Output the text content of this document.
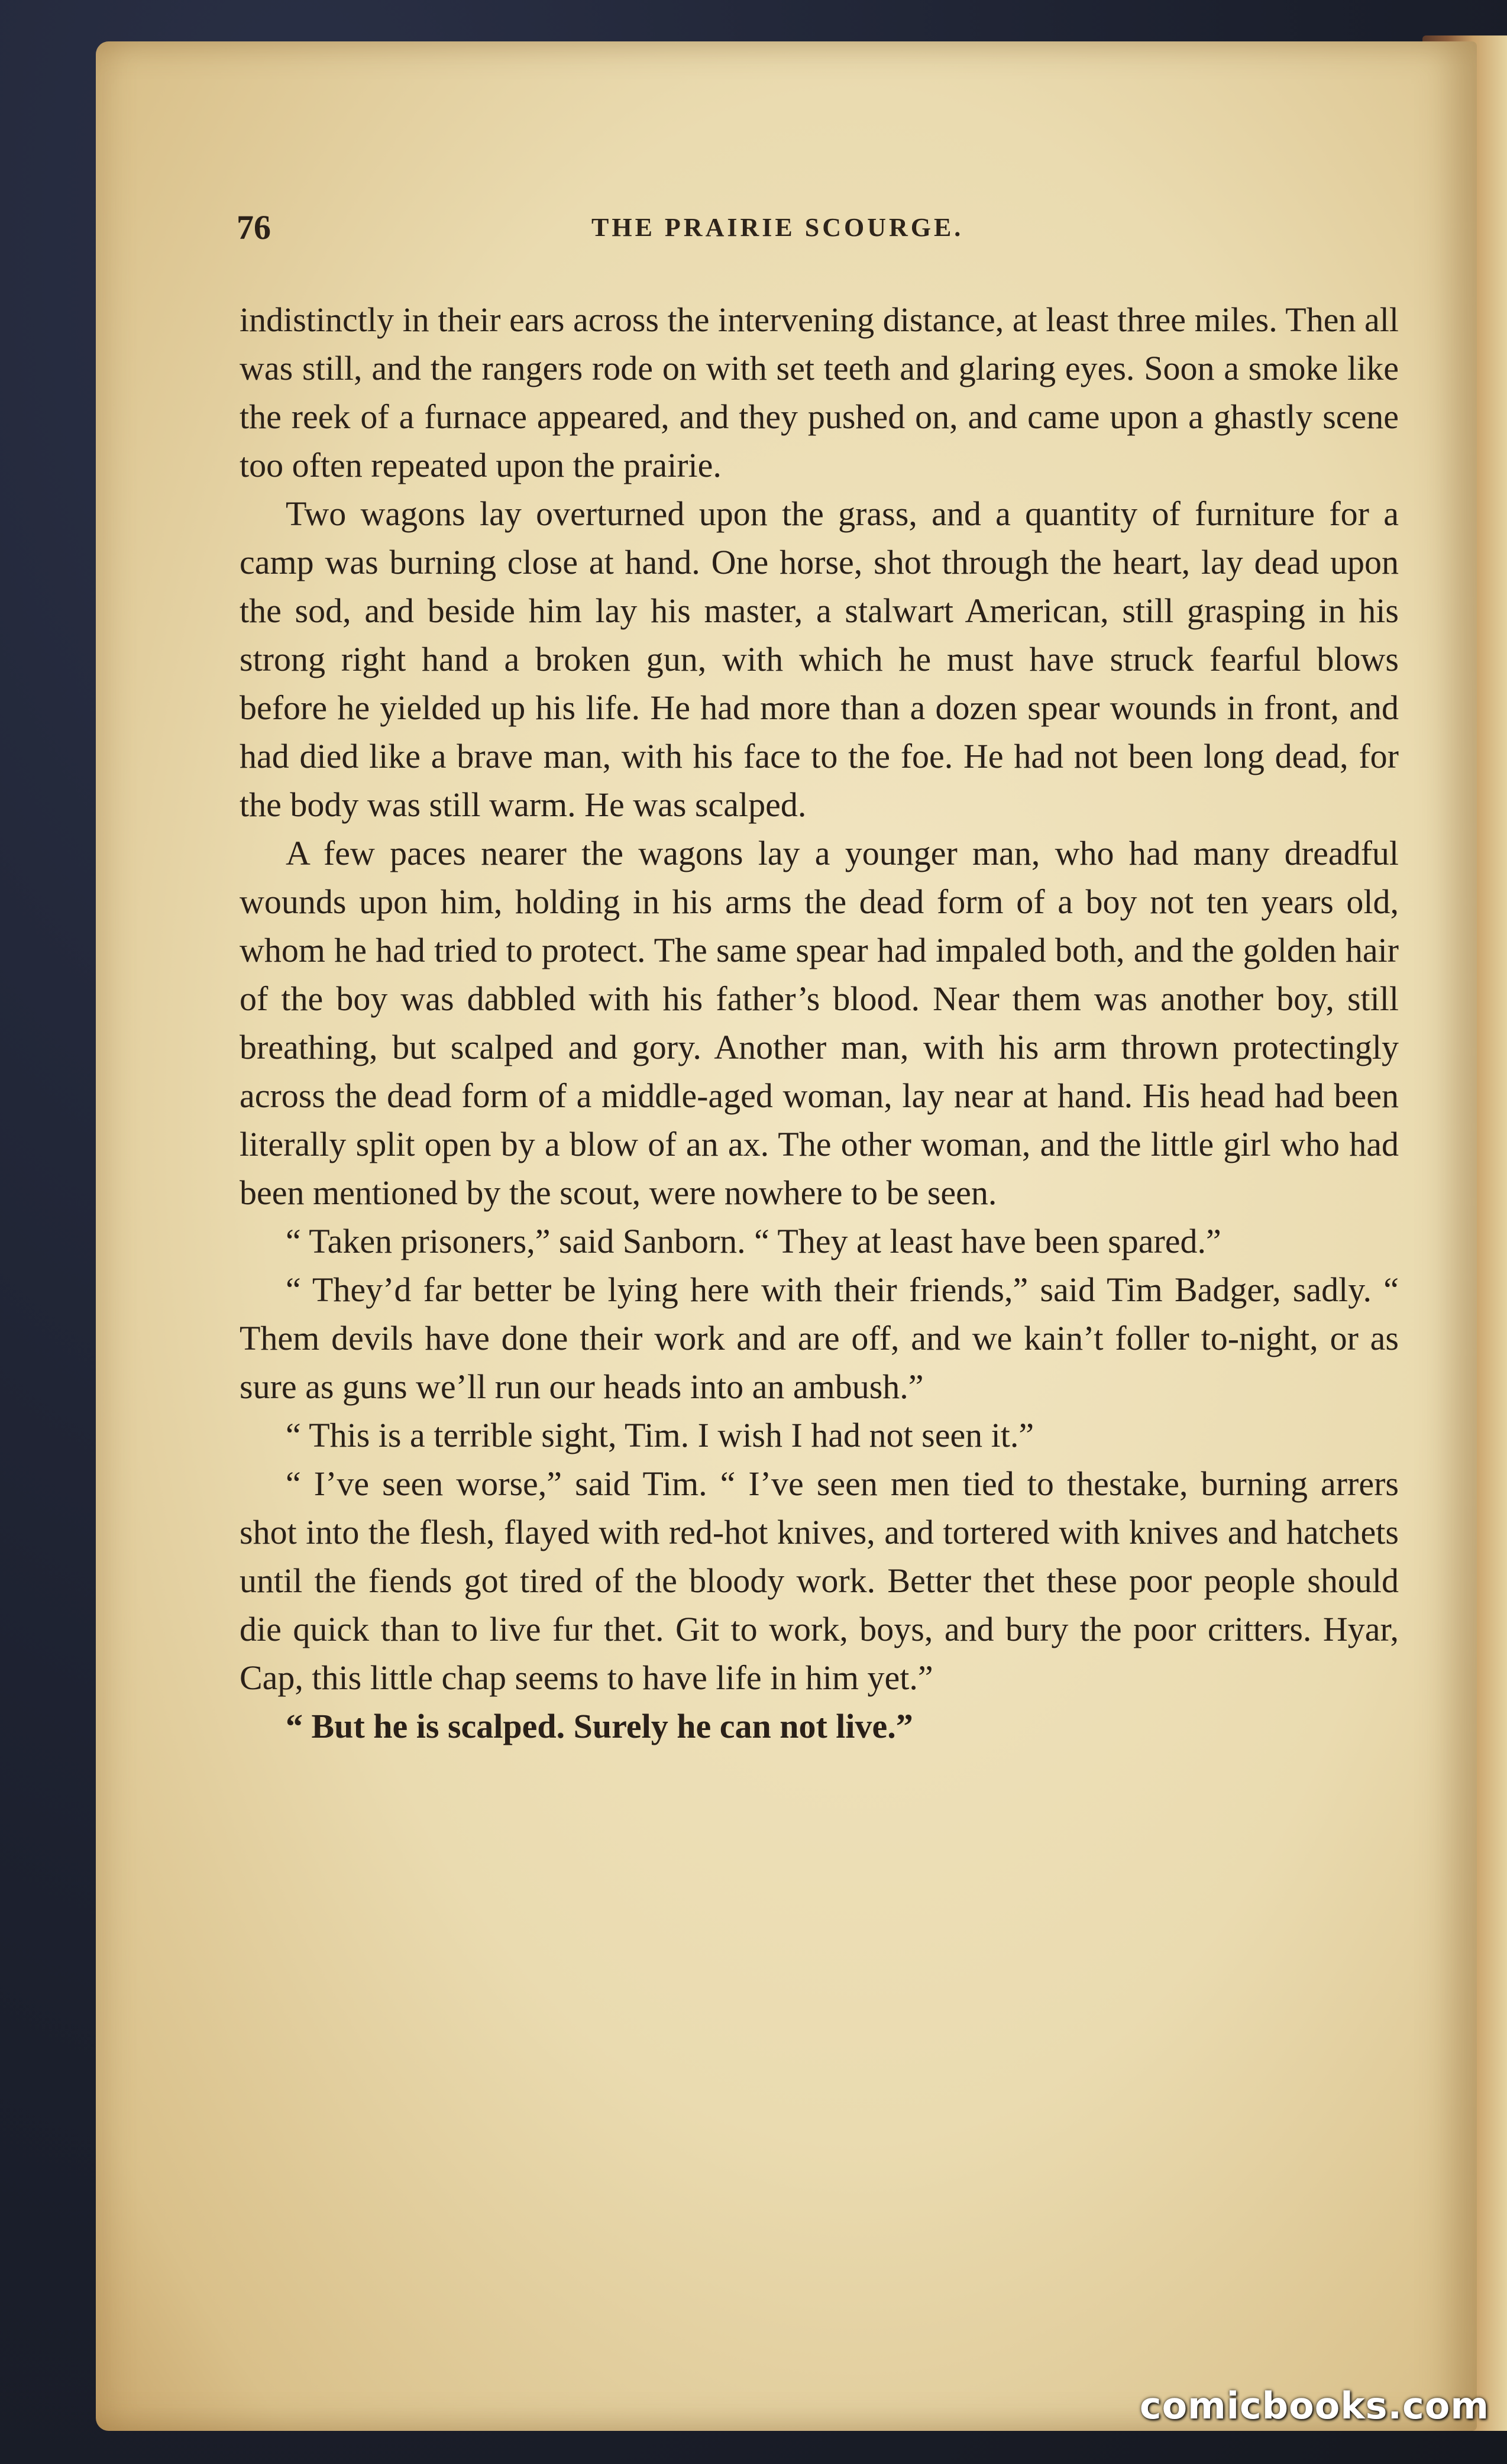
76	THE PRAIRIE SCOURGE.

indistinctly in their ears across the intervening distance, at least three miles. Then all was still, and the rangers rode on with set teeth and glaring eyes. Soon a smoke like the reek of a furnace appeared, and they pushed on, and came upon a ghastly scene too often repeated upon the prairie.

Two wagons lay overturned upon the grass, and a quantity of furniture for a camp was burning close at hand. One horse, shot through the heart, lay dead upon the sod, and beside him lay his master, a stalwart American, still grasping in his strong right hand a broken gun, with which he must have struck fearful blows before he yielded up his life. He had more than a dozen spear wounds in front, and had died like a brave man, with his face to the foe. He had not been long dead, for the body was still warm. He was scalped.

A few paces nearer the wagons lay a younger man, who had many dreadful wounds upon him, holding in his arms the dead form of a boy not ten years old, whom he had tried to protect. The same spear had impaled both, and the golden hair of the boy was dabbled with his father’s blood. Near them was another boy, still breathing, but scalped and gory. Another man, with his arm thrown protectingly across the dead form of a middle-aged woman, lay near at hand. His head had been literally split open by a blow of an ax. The other woman, and the little girl who had been mentioned by the scout, were nowhere to be seen.

“ Taken prisoners,” said Sanborn. “ They at least have been spared.”

“ They’d far better be lying here with their friends,” said Tim Badger, sadly. “ Them devils have done their work and are off, and we kain’t foller to-night, or as sure as guns we’ll run our heads into an ambush.”

“ This is a terrible sight, Tim. I wish I had not seen it.”

“ I’ve seen worse,” said Tim. “ I’ve seen men tied to thestake, burning arrers shot into the flesh, flayed with red-hot knives, and tortered with knives and hatchets until the fiends got tired of the bloody work. Better thet these poor people should die quick than to live fur thet. Git to work, boys, and bury the poor critters. Hyar, Cap, this little chap seems to have life in him yet.”

“ But he is scalped. Surely he can not live.”

comicbooks.com
